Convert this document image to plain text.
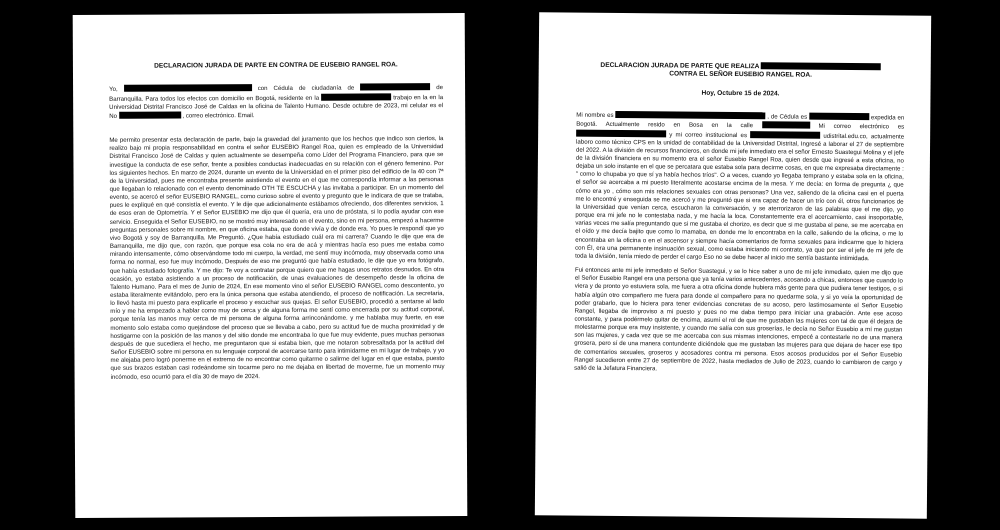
DECLARACION JURADA DE PARTE EN CONTRA DE EUSEBIO RANGEL ROA.

Yo,	con Cédula de ciudadanía de	de Barranquilla. Para todos los efectos con domicilio en Bogotá, residente en la	trabajo en la en la Universidad Distrital Francisco José de Caldas en la oficina de Talento Humano. Desde octubre de 2023, mi celular es el No	, correo electrónico. Email.

Me permito presentar esta declaración de parte, bajo la gravedad del juramento que los hechos que indico son ciertos, la realizo bajo mi propia responsabilidad en contra el señor EUSEBIO Rangel Roa, quien es empleado de la Universidad Distrital Francisco José de Caldas y quien actualmente se desempeña como Líder del Programa Financiero, para que se investigue la conducta de ese señor, frente a posibles conductas inadecuadas en su relación con el género femenino. Por los siguientes hechos. En marzo de 2024, durante un evento de la Universidad en el primer piso del edificio de la 40 con 7ª de la Universidad, pues me encontraba presente asistiendo el evento en el que me correspondía informar a las personas que llegaban lo relacionado con el evento denominado OTH TE ESCUCHA y las invitaba a participar. En un momento del evento, se acercó el señor EUSEBIO RANGEL, como curioso sobre el evento y pregunto que le indicara de que se trataba, pues le expliqué en qué consistía el evento. Y le dije que adicionalmente estábamos ofreciendo, dos diferentes servicios, 1 de esos eran de Optometría. Y el Señor EUSEBIO me dijo que él quería, era uno de próstata, si lo podía ayudar con ese servicio. Enseguida el Señor EUSEBIO, no se mostró muy interesado en el evento, sino en mi persona, empezó a hacerme preguntas personales sobre mi nombre, en que oficina estaba, que donde vivía y de donde era. Yo pues le respondí que yo vivo Bogotá y soy de Barranquilla. Me Preguntó. ¿Que había estudiado cuál era mi carrera? Cuando le dije que era de Barranquilla, me dijo que, con razón, que porque esa cola no era de acá y mientras hacía eso pues me estaba como mirando intensamente, cómo observándome todo mi cuerpo, la verdad, me sentí muy incómoda, muy observada como una forma no normal, eso fue muy incómodo, Después de eso me preguntó que había estudiado, le dije que yo era fotógrafo, que había estudiado fotografía. Y me dijo: Te voy a contratar porque quiero que me hagas unos retratos desnudos. En otra ocasión, yo estaba asistiendo a un proceso de notificación, de unas evaluaciones de desempeño desde la oficina de Talento Humano. Para el mes de Junio de 2024, En ese momento vino el señor EUSEBIO RANGEL como descontento, yo estaba literalmente evitándolo, pero era la única persona que estaba atendiendo, el proceso de notificación. La secretaria, lo llevó hasta mi puesto para explicarle el proceso y escuchar sus quejas. El señor EUSEBIO, procedió a sentarse al lado mío y me ha empezado a hablar como muy de cerca y de alguna forma me sentí como encerrada por su actitud corporal, porque tenía las manos muy cerca de mi persona de alguna forma arrinconándome. y me hablaba muy fuerte, en ese momento solo estaba como quejándose del proceso que se llevaba a cabo, pero su actitud fue de mucha proximidad y de hostigarme con la posición de las manos y del sitio donde me encontraba lo que fue muy evidente, pues muchas personas después de que sucediera el hecho, me preguntaron que si estaba bien, que me notaron sobresaltada por la actitud del Señor EUSEBIO sobre mi persona en su lenguaje corporal de acercarse tanto para intimidarme en mi lugar de trabajo, y yo me alejaba pero logró ponerme en el extremo de no encontrar como quitarme o salirme del lugar en el que estaba, puesto que sus brazos estaban casi rodeándome sin tocarme pero no me dejaba en libertad de moverme, fue un momento muy incómodo, eso ocurrió para el día 30 de mayo de 2024.

DECLARACION JURADA DE PARTE QUE REALIZA
CONTRA EL SEÑOR EUSEBIO RANGEL ROA.
Hoy, Octubre 15 de 2024.

Mi nombre es	, de Cédula es	expedida en Bogotá. Actualmente resido en Bosa en la calle	Mi correo electrónico es  y mi correo institucional es	udistrital.edu.co, actualmente laboro como técnico CPS en la unidad de contabilidad de la Universidad Distrital, Ingresé a laborar el 27 de septiembre del 2022. A la división de recursos financieros, en donde mi jefe inmediato era el señor Ernesto Suastegui Molina y el jefe de la división financiera en su momento era el señor Eusebio Rangel Roa, quien desde que ingresé a esta oficina, no dejaba un solo instante en el que se percatara que estaba sola para decirme cosas, en que me expresaba directamente : " como lo chupaba yo que sí ya había hechos tríos". O a veces, cuando yo llegaba temprano y estaba sola en la oficina, el señor se acercaba a mi puesto literalmente acostarse encima de la mesa. Y me decía: en forma de pregunta ¿ que cómo era yo , cómo son mis relaciones sexuales con otras personas? Una vez, saliendo de la oficina casi en el puerta me lo encontré y enseguida se me acercó y me preguntó que si era capaz de hacer un trío con él, otros funcionarios de la Universidad que venían cerca, escucharon la conversación, y se aterrorizaron de las palabras que el me dijo, yo porque era mi jefe no le contestaba nada, y me hacía la loca. Constantemente era el acercamiento, casi insoportable, varias veces me salía preguntando que si me gustaba el chorizo, es decir que si me gustaba el pene, se me acercaba en el oído y me decía bajito que como lo mamaba, en donde me lo encontraba en la calle, saliendo de la oficina, o me lo encontraba en la oficina o en el ascensor y siempre hacía comentarios de forma sexuales para indicarme que lo hiciera con Él, era una permanente insinuación sexual, como estaba iniciando mi contrato, ya que por ser el jefe de mi jefe de toda la división, tenía miedo de perder el cargo Eso no se debe hacer al inicio me sentía bastante intimidada.

Fui entonces ante mi jefe inmediato el Señor Suastegui, y se lo hice saber a uno de mi jefe inmediato, quien me dijo que el Señor Eusebio Rangel era una persona que ya tenía varios antecedentes, acosando a chicas, entonces que cuando lo viera y de pronto yo estuviera sola, me fuera a otra oficina donde hubiera más gente para que pudiera tener testigos, o si había algún otro compañero me fuera para donde el compañero para no quedarme sola, y si yo veía la oportunidad de poder grabarlo, que lo hiciera para tener evidencias concretas de su acoso, pero lastimosamente el Señor Eusebio Rangel, llegaba de improviso a mi puesto y pues no me daba tiempo para iniciar una grabación. Ante ese acoso constante, y para podérmelo quitar de encima, asumí el rol de que me gustaban las mujeres con tal de que él dejara de molestarme porque era muy insistente, y cuando me salía con sus groserías, le decía no Señor Eusebio a mí me gustan son las mujeres, y cada vez que se me acercaba con sus mismas intenciones, empecé a contestarle no de una manera grosera, pero sí de una manera contundente diciéndole que me gustaban las mujeres para que dejara de hacer ese tipo de comentarios sexuales, groseros y acosadores contra mi persona. Esos acosos producidos por el Señor Eusebio Rangel sucedieron entre 27 de septiembre de 2022, hasta mediados de Julio de 2023, cuando lo cambiaron de cargo y salió de la Jefatura Financiera.
